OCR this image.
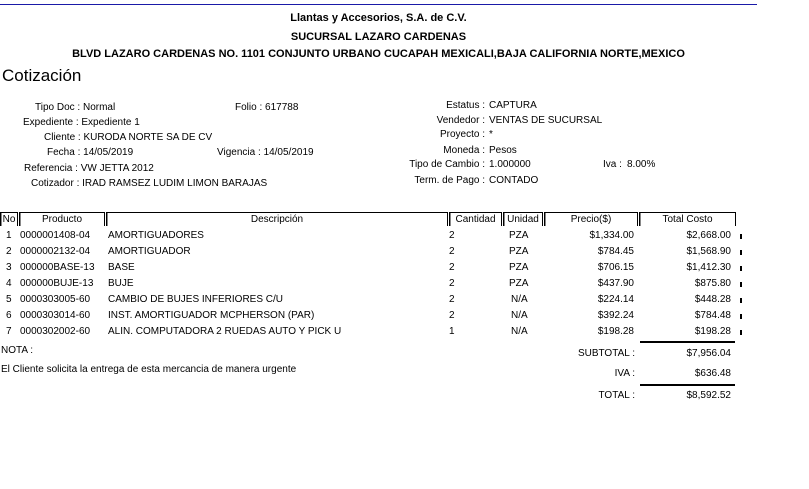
Llantas y Accesorios, S.A. de C.V.
SUCURSAL LAZARO CARDENAS
BLVD LAZARO CARDENAS NO. 1101 CONJUNTO URBANO CUCAPAH MEXICALI,BAJA CALIFORNIA NORTE,MEXICO
Cotización
Tipo Doc : Normal
Expediente : Expediente 1
Cliente : KURODA NORTE SA DE CV
Fecha : 14/05/2019
Referencia : VW JETTA 2012
Cotizador : IRAD RAMSEZ LUDIM LIMON BARAJAS
Folio : 617788
Vigencia : 14/05/2019
Estatus : CAPTURA
Vendedor : VENTAS DE SUCURSAL
Proyecto : *
Moneda : Pesos
Tipo de Cambio : 1.000000	Iva : 8.00%
Term. de Pago : CONTADO
No	Producto	Descripción	Cantidad	Unidad	Precio($)	Total Costo
1 0000001408-04 AMORTIGUADORES	2	PZA	$1,334.00	$2,668.00
2 0000002132-04 AMORTIGUADOR	2	PZA	$784.45	$1,568.90
3 000000BASE-13 BASE	2	PZA	$706.15	$1,412.30
4 000000BUJE-13 BUJE	2	PZA	$437.90	$875.80
5 0000303005-60 CAMBIO DE BUJES INFERIORES C/U	2	N/A	$224.14	$448.28
6 0000303014-60 INST. AMORTIGUADOR MCPHERSON (PAR)	2	N/A	$392.24	$784.48
7 0000302002-60 ALIN. COMPUTADORA 2 RUEDAS AUTO Y PICK U	1	N/A	$198.28	$198.28
NOTA :
El Cliente solicita la entrega de esta mercancia de manera urgente
SUBTOTAL :	$7,956.04
IVA :	$636.48
TOTAL :	$8,592.52
